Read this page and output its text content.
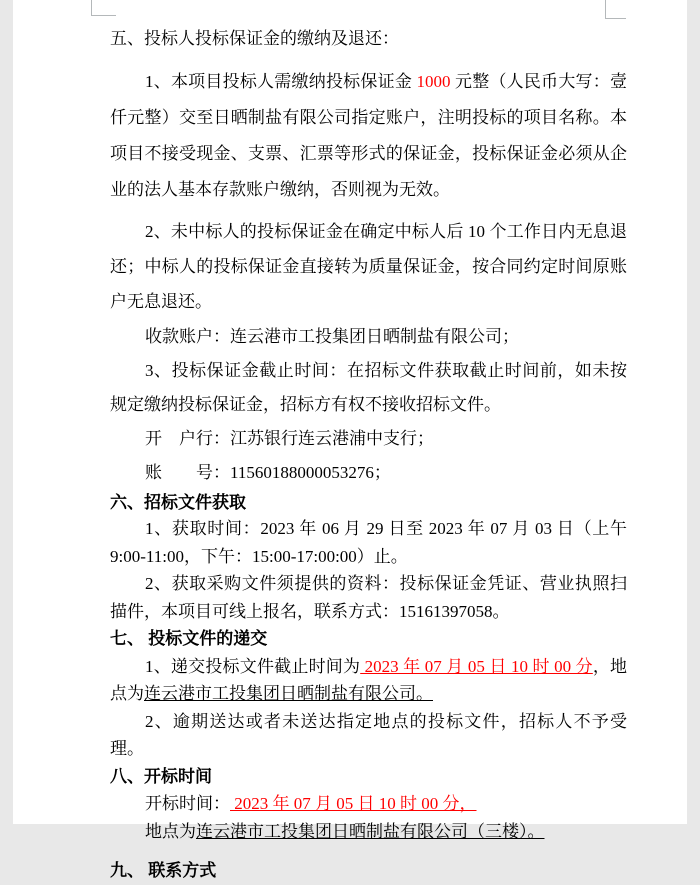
五、投标人投标保证金的缴纳及退还：
1、本项目投标人需缴纳投标保证金 1000 元整（人民币大写：壹仟元整）交至日晒制盐有限公司指定账户，注明投标的项目名称。本项目不接受现金、支票、汇票等形式的保证金，投标保证金必须从企业的法人基本存款账户缴纳，否则视为无效。
2、未中标人的投标保证金在确定中标人后 10 个工作日内无息退还；中标人的投标保证金直接转为质量保证金，按合同约定时间原账户无息退还。
收款账户：连云港市工投集团日晒制盐有限公司；
3、投标保证金截止时间：在招标文件获取截止时间前，如未按规定缴纳投标保证金，招标方有权不接收招标文件。
开　户行：江苏银行连云港浦中支行；
账　　号：11560188000053276；
六、招标文件获取
1、获取时间：2023 年 06 月 29 日至 2023 年 07 月 03 日（上午 9:00-11:00，下午：15:00-17:00:00）止。
2、获取采购文件须提供的资料：投标保证金凭证、营业执照扫描件，本项目可线上报名，联系方式：15161397058。
七、 投标文件的递交
1、递交投标文件截止时间为 2023 年 07 月 05 日 10 时 00 分，地点为连云港市工投集团日晒制盐有限公司。
2、逾期送达或者未送达指定地点的投标文件，招标人不予受理。
八、开标时间
开标时间： 2023 年 07 月 05 日 10 时 00 分，
地点为连云港市工投集团日晒制盐有限公司（三楼）。
九、 联系方式
